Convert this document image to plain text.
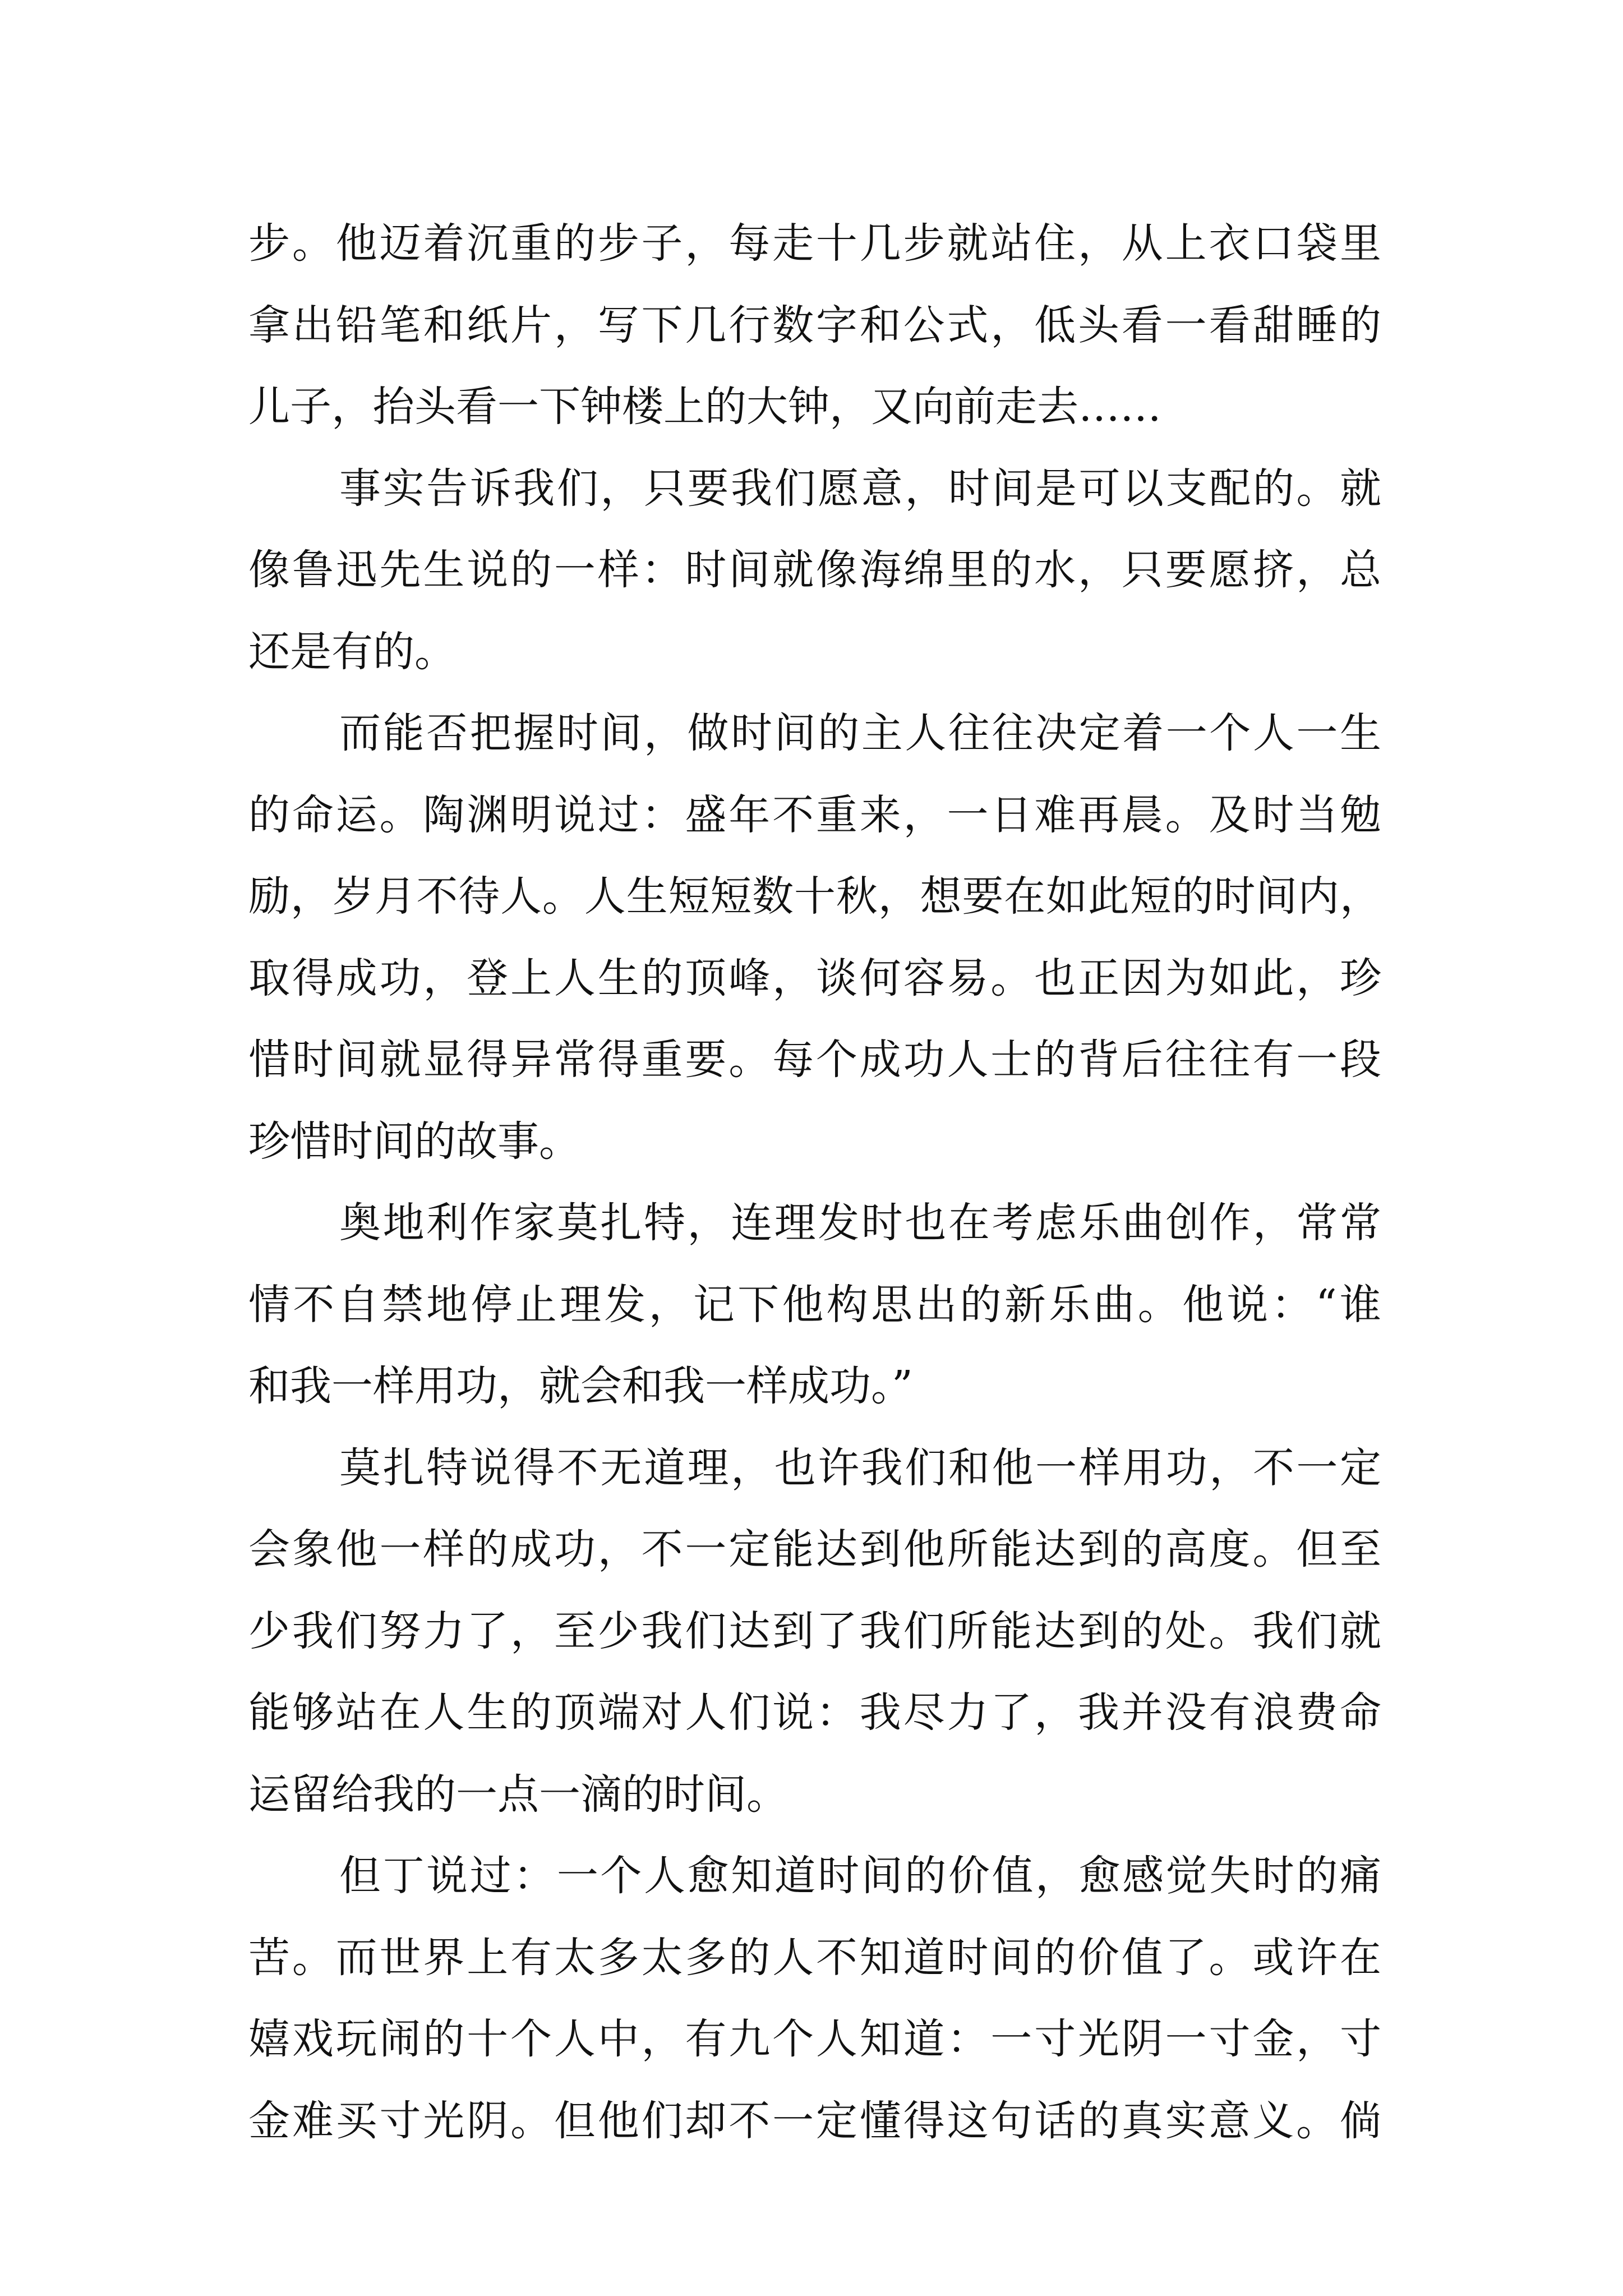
步。他迈着沉重的步子，每走十几步就站住，从上衣口袋里
拿出铅笔和纸片，写下几行数字和公式，低头看一看甜睡的
儿子，抬头看一下钟楼上的大钟，又向前走去……

事实告诉我们，只要我们愿意，时间是可以支配的。就
像鲁迅先生说的一样：时间就像海绵里的水，只要愿挤，总
还是有的。

而能否把握时间，做时间的主人往往决定着一个人一生
的命运。陶渊明说过：盛年不重来，一日难再晨。及时当勉
励，岁月不待人。人生短短数十秋，想要在如此短的时间内，
取得成功，登上人生的顶峰，谈何容易。也正因为如此，珍
惜时间就显得异常得重要。每个成功人士的背后往往有一段
珍惜时间的故事。

奥地利作家莫扎特，连理发时也在考虑乐曲创作，常常
情不自禁地停止理发，记下他构思出的新乐曲。他说：“谁
和我一样用功，就会和我一样成功。”

莫扎特说得不无道理，也许我们和他一样用功，不一定
会象他一样的成功，不一定能达到他所能达到的高度。但至
少我们努力了，至少我们达到了我们所能达到的处。我们就
能够站在人生的顶端对人们说：我尽力了，我并没有浪费命
运留给我的一点一滴的时间。

但丁说过：一个人愈知道时间的价值，愈感觉失时的痛
苦。而世界上有太多太多的人不知道时间的价值了。或许在
嬉戏玩闹的十个人中，有九个人知道：一寸光阴一寸金，寸
金难买寸光阴。但他们却不一定懂得这句话的真实意义。倘
